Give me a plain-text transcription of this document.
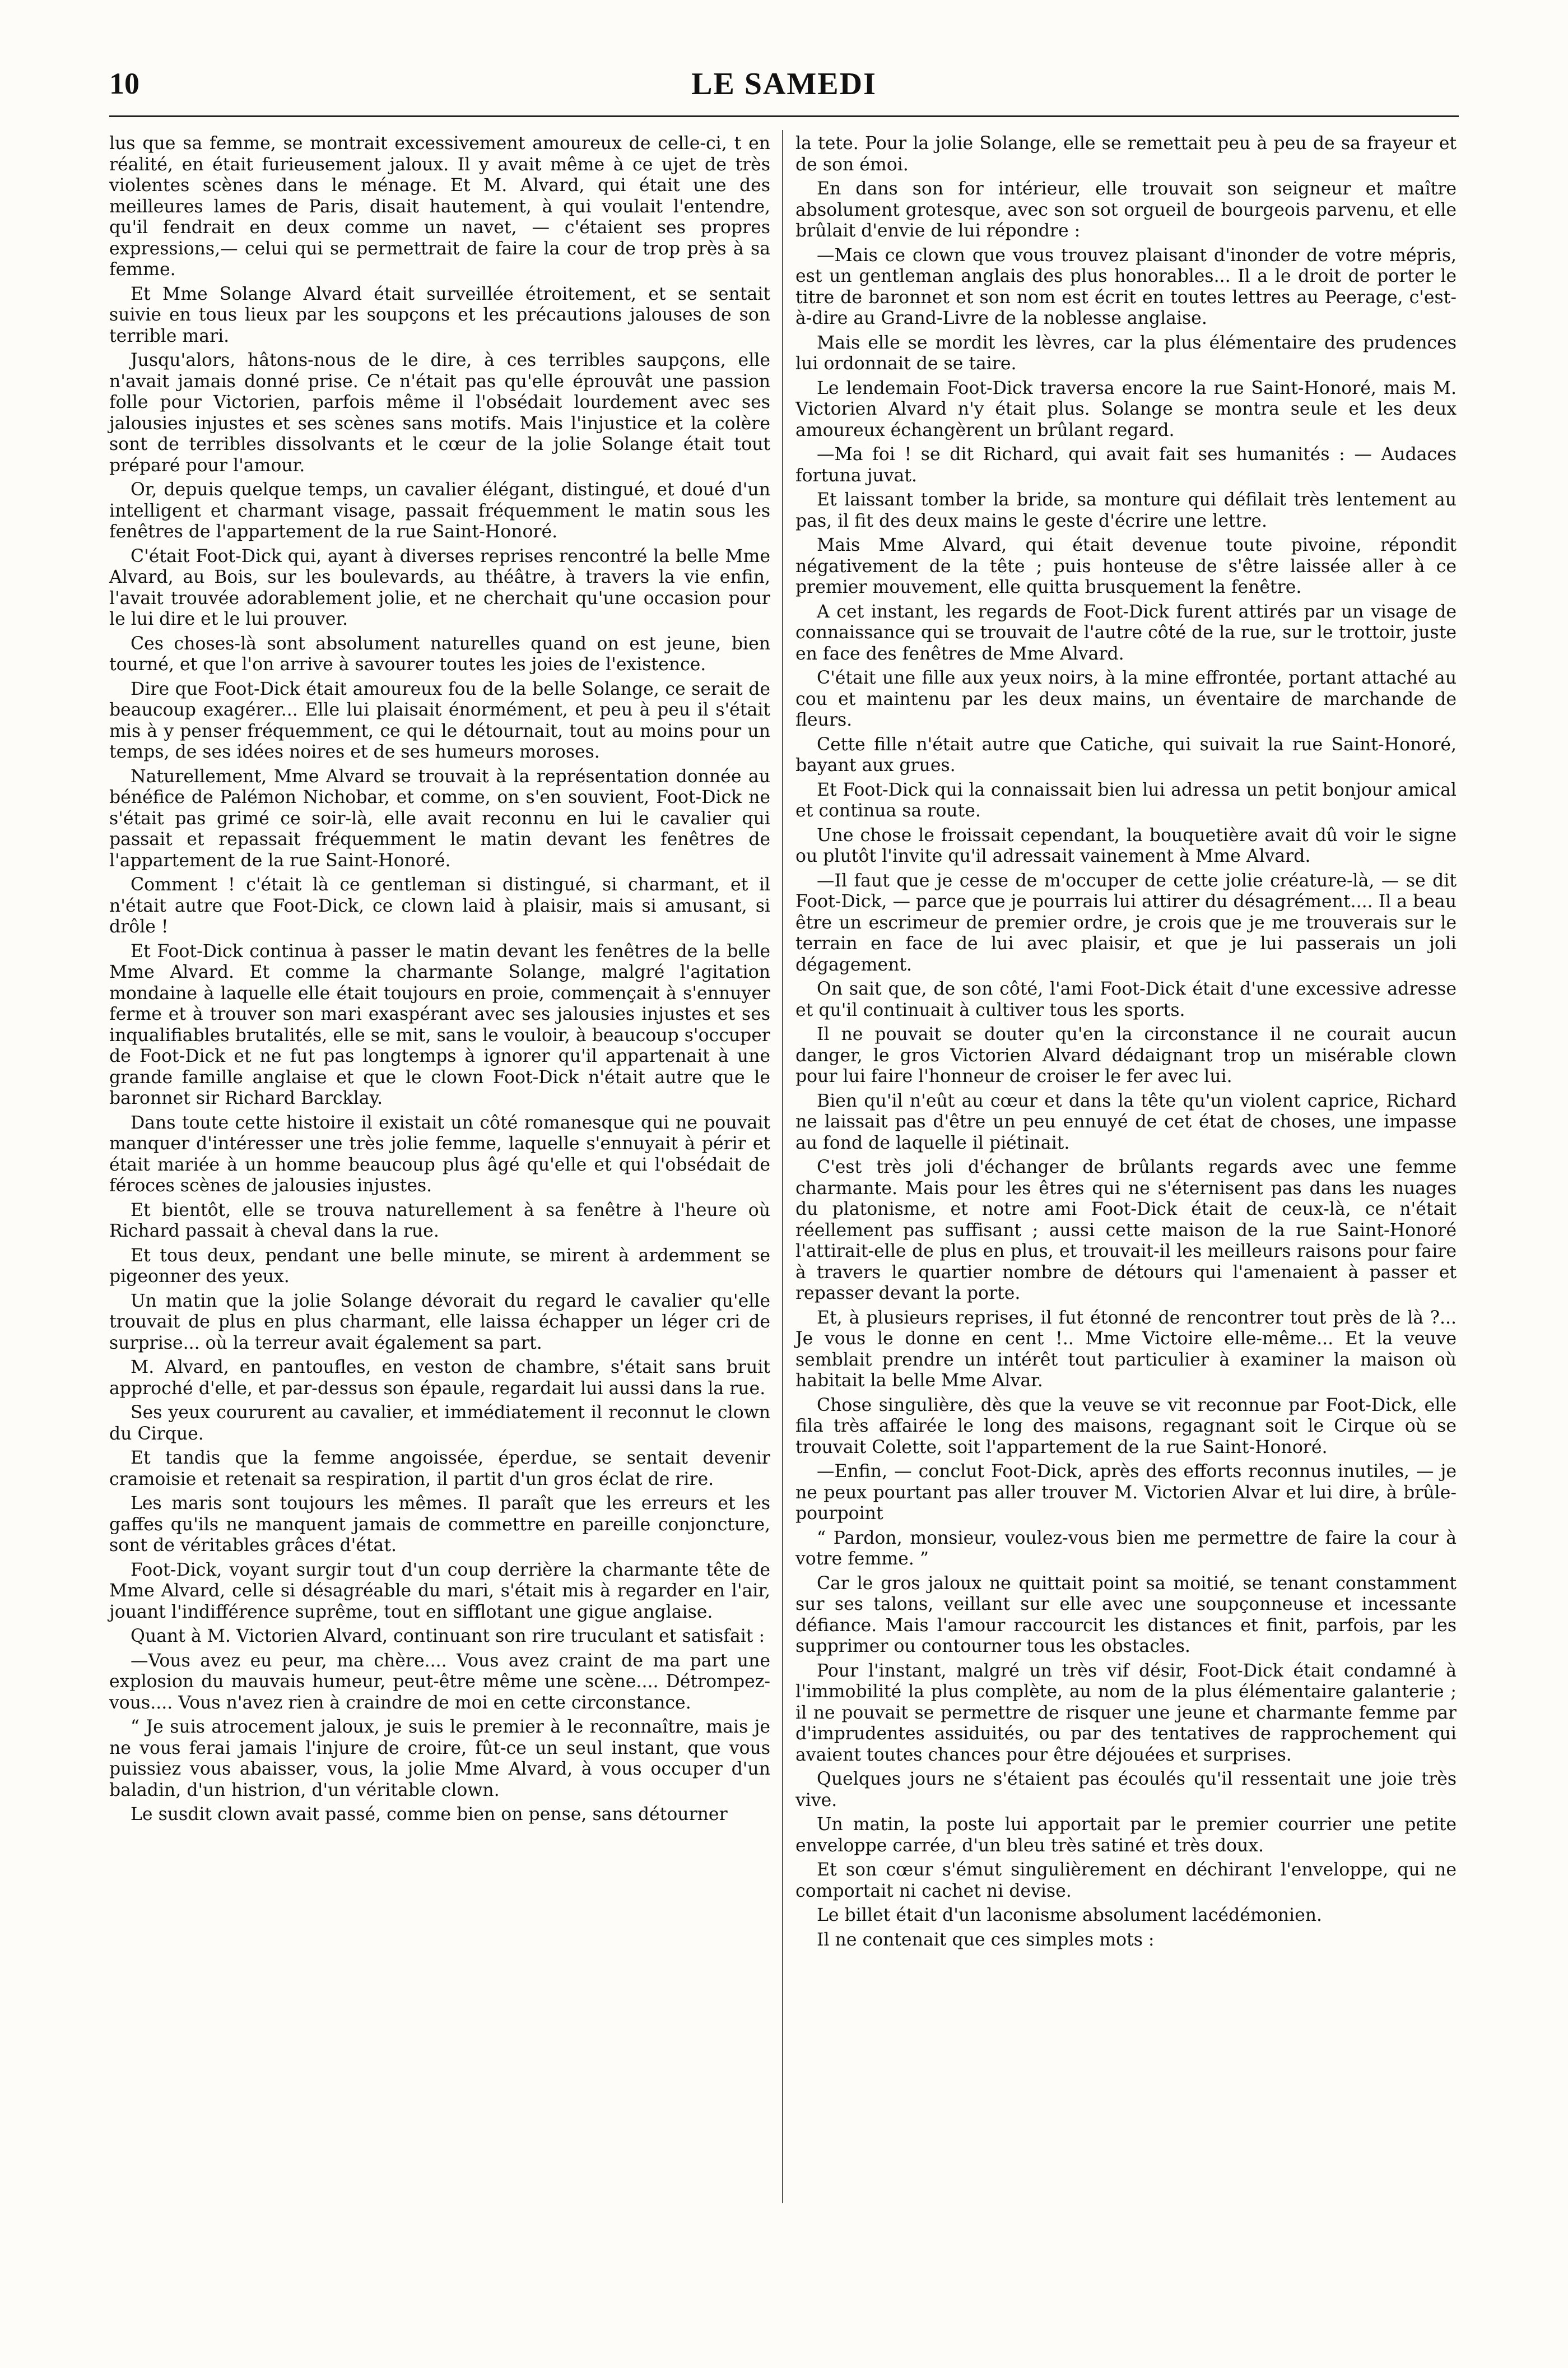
10	LE SAMEDI

lus que sa femme, se montrait excessivement amoureux de celle-ci, t en réalité, en était furieusement jaloux. Il y avait même à ce ujet de très violentes scènes dans le ménage. Et M. Alvard, qui était une des meilleures lames de Paris, disait hautement, à qui voulait l'entendre, qu'il fendrait en deux comme un navet, — c'étaient ses propres expressions,— celui qui se permettrait de faire la cour de trop près à sa femme.

Et Mme Solange Alvard était surveillée étroitement, et se sentait suivie en tous lieux par les soupçons et les précautions jalouses de son terrible mari.

Jusqu'alors, hâtons-nous de le dire, à ces terribles saupçons, elle n'avait jamais donné prise. Ce n'était pas qu'elle éprouvât une passion folle pour Victorien, parfois même il l'obsédait lourdement avec ses jalousies injustes et ses scènes sans motifs. Mais l'injustice et la colère sont de terribles dissolvants et le cœur de la jolie Solange était tout préparé pour l'amour.

Or, depuis quelque temps, un cavalier élégant, distingué, et doué d'un intelligent et charmant visage, passait fréquemment le matin sous les fenêtres de l'appartement de la rue Saint-Honoré.

C'était Foot-Dick qui, ayant à diverses reprises rencontré la belle Mme Alvard, au Bois, sur les boulevards, au théâtre, à travers la vie enfin, l'avait trouvée adorablement jolie, et ne cherchait qu'une occasion pour le lui dire et le lui prouver.

Ces choses-là sont absolument naturelles quand on est jeune, bien tourné, et que l'on arrive à savourer toutes les joies de l'existence.

Dire que Foot-Dick était amoureux fou de la belle Solange, ce serait de beaucoup exagérer... Elle lui plaisait énormément, et peu à peu il s'était mis à y penser fréquemment, ce qui le détournait, tout au moins pour un temps, de ses idées noires et de ses humeurs moroses.

Naturellement, Mme Alvard se trouvait à la représentation donnée au bénéfice de Palémon Nichobar, et comme, on s'en souvient, Foot-Dick ne s'était pas grimé ce soir-là, elle avait reconnu en lui le cavalier qui passait et repassait fréquemment le matin devant les fenêtres de l'appartement de la rue Saint-Honoré.

Comment ! c'était là ce gentleman si distingué, si charmant, et il n'était autre que Foot-Dick, ce clown laid à plaisir, mais si amusant, si drôle !

Et Foot-Dick continua à passer le matin devant les fenêtres de la belle Mme Alvard. Et comme la charmante Solange, malgré l'agitation mondaine à laquelle elle était toujours en proie, commençait à s'ennuyer ferme et à trouver son mari exaspérant avec ses jalousies injustes et ses inqualifiables brutalités, elle se mit, sans le vouloir, à beaucoup s'occuper de Foot-Dick et ne fut pas longtemps à ignorer qu'il appartenait à une grande famille anglaise et que le clown Foot-Dick n'était autre que le baronnet sir Richard Barcklay.

Dans toute cette histoire il existait un côté romanesque qui ne pouvait manquer d'intéresser une très jolie femme, laquelle s'ennuyait à périr et était mariée à un homme beaucoup plus âgé qu'elle et qui l'obsédait de féroces scènes de jalousies injustes.

Et bientôt, elle se trouva naturellement à sa fenêtre à l'heure où Richard passait à cheval dans la rue.

Et tous deux, pendant une belle minute, se mirent à ardemment se pigeonner des yeux.

Un matin que la jolie Solange dévorait du regard le cavalier qu'elle trouvait de plus en plus charmant, elle laissa échapper un léger cri de surprise... où la terreur avait également sa part.

M. Alvard, en pantoufles, en veston de chambre, s'était sans bruit approché d'elle, et par-dessus son épaule, regardait lui aussi dans la rue.

Ses yeux coururent au cavalier, et immédiatement il reconnut le clown du Cirque.

Et tandis que la femme angoissée, éperdue, se sentait devenir cramoisie et retenait sa respiration, il partit d'un gros éclat de rire.

Les maris sont toujours les mêmes. Il paraît que les erreurs et les gaffes qu'ils ne manquent jamais de commettre en pareille conjoncture, sont de véritables grâces d'état.

Foot-Dick, voyant surgir tout d'un coup derrière la charmante tête de Mme Alvard, celle si désagréable du mari, s'était mis à regarder en l'air, jouant l'indifférence suprême, tout en sifflotant une gigue anglaise.

Quant à M. Victorien Alvard, continuant son rire truculant et satisfait :

—Vous avez eu peur, ma chère.... Vous avez craint de ma part une explosion du mauvais humeur, peut-être même une scène.... Détrompez-vous.... Vous n'avez rien à craindre de moi en cette circonstance.

“ Je suis atrocement jaloux, je suis le premier à le reconnaître, mais je ne vous ferai jamais l'injure de croire, fût-ce un seul instant, que vous puissiez vous abaisser, vous, la jolie Mme Alvard, à vous occuper d'un baladin, d'un histrion, d'un véritable clown.

Le susdit clown avait passé, comme bien on pense, sans détourner

la tete. Pour la jolie Solange, elle se remettait peu à peu de sa frayeur et de son émoi.

En dans son for intérieur, elle trouvait son seigneur et maître absolument grotesque, avec son sot orgueil de bourgeois parvenu, et elle brûlait d'envie de lui répondre :

—Mais ce clown que vous trouvez plaisant d'inonder de votre mépris, est un gentleman anglais des plus honorables... Il a le droit de porter le titre de baronnet et son nom est écrit en toutes lettres au Peerage, c'est-à-dire au Grand-Livre de la noblesse anglaise.

Mais elle se mordit les lèvres, car la plus élémentaire des prudences lui ordonnait de se taire.

Le lendemain Foot-Dick traversa encore la rue Saint-Honoré, mais M. Victorien Alvard n'y était plus. Solange se montra seule et les deux amoureux échangèrent un brûlant regard.

—Ma foi ! se dit Richard, qui avait fait ses humanités : — Audaces fortuna juvat.

Et laissant tomber la bride, sa monture qui défilait très lentement au pas, il fit des deux mains le geste d'écrire une lettre.

Mais Mme Alvard, qui était devenue toute pivoine, répondit négativement de la tête ; puis honteuse de s'être laissée aller à ce premier mouvement, elle quitta brusquement la fenêtre.

A cet instant, les regards de Foot-Dick furent attirés par un visage de connaissance qui se trouvait de l'autre côté de la rue, sur le trottoir, juste en face des fenêtres de Mme Alvard.

C'était une fille aux yeux noirs, à la mine effrontée, portant attaché au cou et maintenu par les deux mains, un éventaire de marchande de fleurs.

Cette fille n'était autre que Catiche, qui suivait la rue Saint-Honoré, bayant aux grues.

Et Foot-Dick qui la connaissait bien lui adressa un petit bonjour amical et continua sa route.

Une chose le froissait cependant, la bouquetière avait dû voir le signe ou plutôt l'invite qu'il adressait vainement à Mme Alvard.

—Il faut que je cesse de m'occuper de cette jolie créature-là, — se dit Foot-Dick, — parce que je pourrais lui attirer du désagrément.... Il a beau être un escrimeur de premier ordre, je crois que je me trouverais sur le terrain en face de lui avec plaisir, et que je lui passerais un joli dégagement.

On sait que, de son côté, l'ami Foot-Dick était d'une excessive adresse et qu'il continuait à cultiver tous les sports.

Il ne pouvait se douter qu'en la circonstance il ne courait aucun danger, le gros Victorien Alvard dédaignant trop un misérable clown pour lui faire l'honneur de croiser le fer avec lui.

Bien qu'il n'eût au cœur et dans la tête qu'un violent caprice, Richard ne laissait pas d'être un peu ennuyé de cet état de choses, une impasse au fond de laquelle il piétinait.

C'est très joli d'échanger de brûlants regards avec une femme charmante. Mais pour les êtres qui ne s'éternisent pas dans les nuages du platonisme, et notre ami Foot-Dick était de ceux-là, ce n'était réellement pas suffisant ; aussi cette maison de la rue Saint-Honoré l'attirait-elle de plus en plus, et trouvait-il les meilleurs raisons pour faire à travers le quartier nombre de détours qui l'amenaient à passer et repasser devant la porte.

Et, à plusieurs reprises, il fut étonné de rencontrer tout près de là ?... Je vous le donne en cent !.. Mme Victoire elle-même... Et la veuve semblait prendre un intérêt tout particulier à examiner la maison où habitait la belle Mme Alvar.

Chose singulière, dès que la veuve se vit reconnue par Foot-Dick, elle fila très affairée le long des maisons, regagnant soit le Cirque où se trouvait Colette, soit l'appartement de la rue Saint-Honoré.

—Enfin, — conclut Foot-Dick, après des efforts reconnus inutiles, — je ne peux pourtant pas aller trouver M. Victorien Alvar et lui dire, à brûle-pourpoint

“ Pardon, monsieur, voulez-vous bien me permettre de faire la cour à votre femme. ”

Car le gros jaloux ne quittait point sa moitié, se tenant constamment sur ses talons, veillant sur elle avec une soupçonneuse et incessante défiance. Mais l'amour raccourcit les distances et finit, parfois, par les supprimer ou contourner tous les obstacles.

Pour l'instant, malgré un très vif désir, Foot-Dick était condamné à l'immobilité la plus complète, au nom de la plus élémentaire galanterie ; il ne pouvait se permettre de risquer une jeune et charmante femme par d'imprudentes assiduités, ou par des tentatives de rapprochement qui avaient toutes chances pour être déjouées et surprises.

Quelques jours ne s'étaient pas écoulés qu'il ressentait une joie très vive.

Un matin, la poste lui apportait par le premier courrier une petite enveloppe carrée, d'un bleu très satiné et très doux.

Et son cœur s'émut singulièrement en déchirant l'enveloppe, qui ne comportait ni cachet ni devise.

Le billet était d'un laconisme absolument lacédémonien.

Il ne contenait que ces simples mots :
